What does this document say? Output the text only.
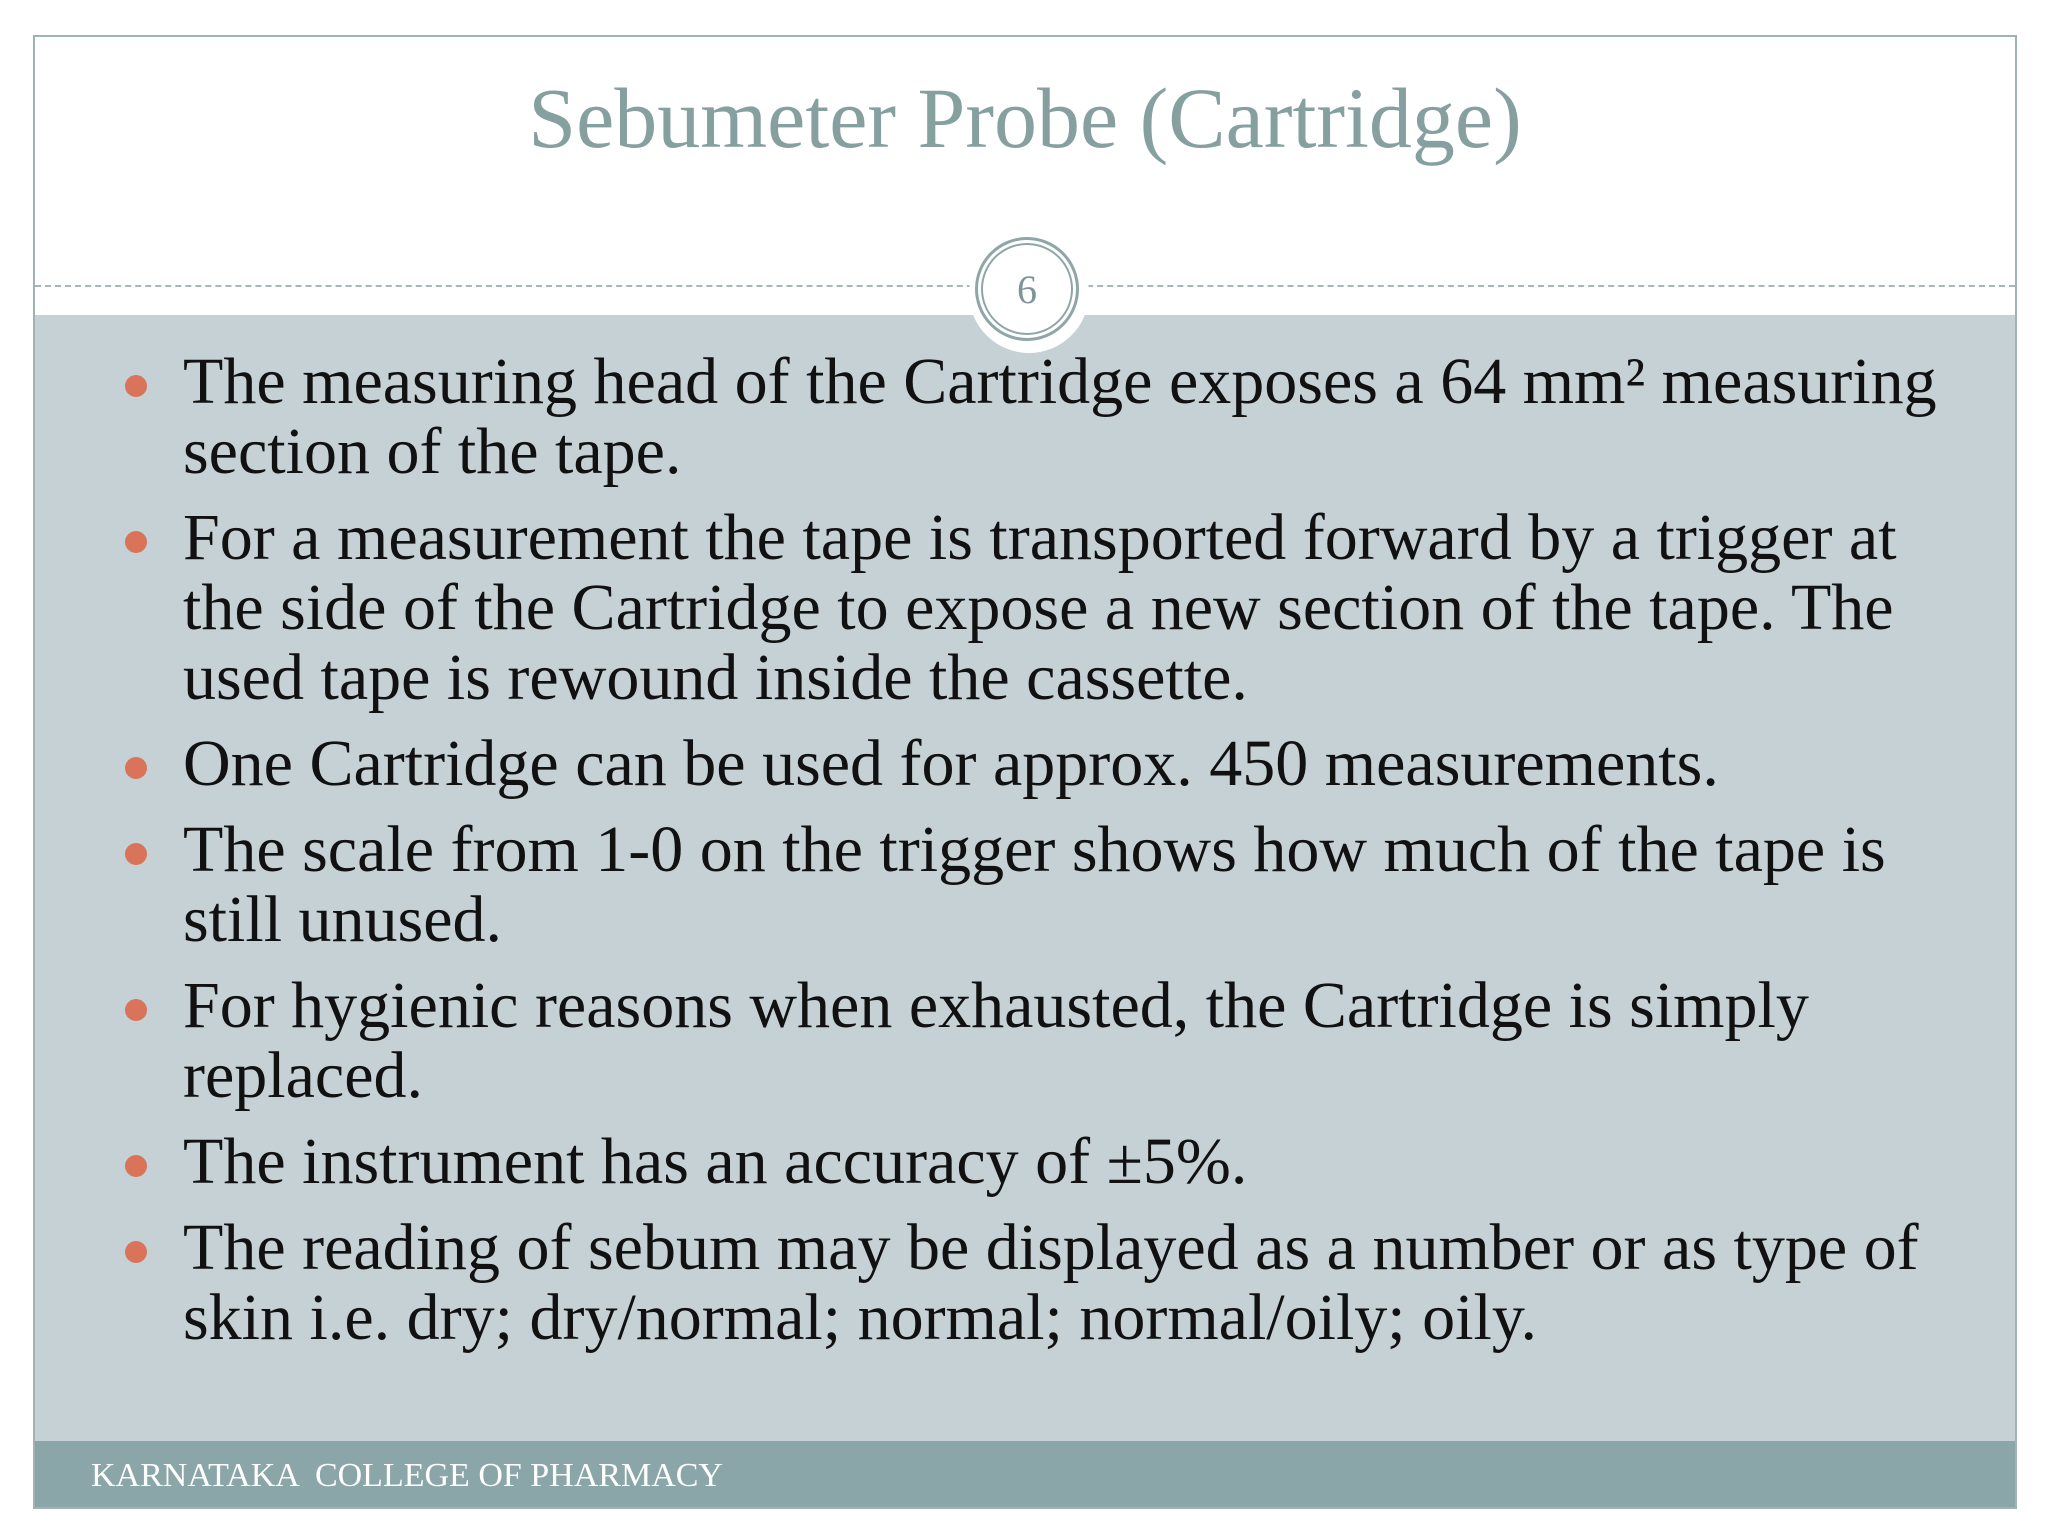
Sebumeter Probe (Cartridge)
6
The measuring head of the Cartridge exposes a 64 mm² measuring section of the tape.
For a measurement the tape is transported forward by a trigger at the side of the Cartridge to expose a new section of the tape. The used tape is rewound inside the cassette.
One Cartridge can be used for approx. 450 measurements.
The scale from 1-0 on the trigger shows how much of the tape is still unused.
For hygienic reasons when exhausted, the Cartridge is simply replaced.
The instrument has an accuracy of ±5%.
The reading of sebum may be displayed as a number or as type of skin i.e. dry; dry/normal; normal; normal/oily; oily.
KARNATAKA  COLLEGE OF PHARMACY
